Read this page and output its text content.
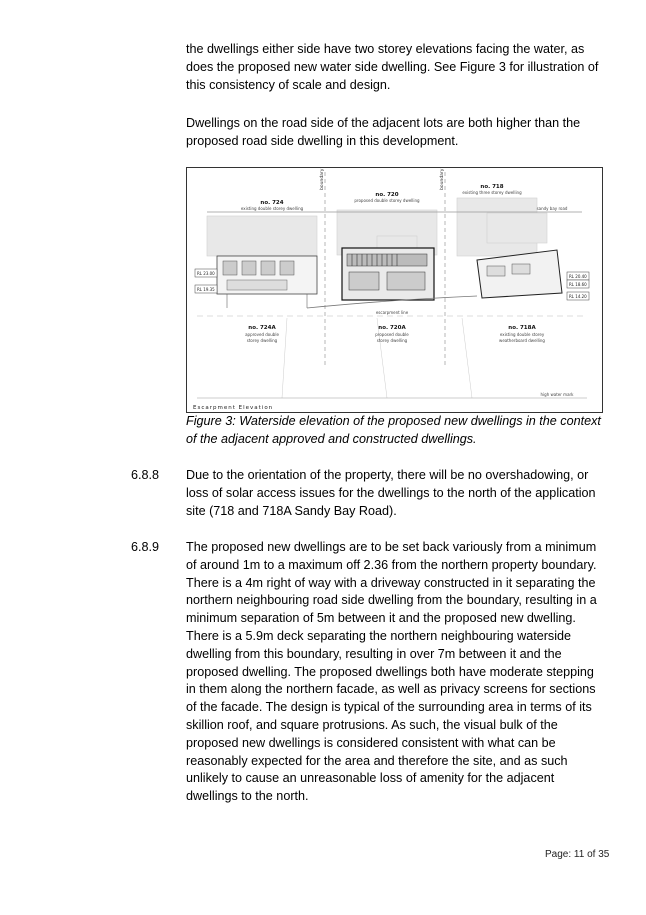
the dwellings either side have two storey elevations facing the water, as does the proposed new water side dwelling. See Figure 3 for illustration of this consistency of scale and design.
Dwellings on the road side of the adjacent lots are both higher than the proposed road side dwelling in this development.
RL 23.00
RL 19.35
RL 20.40
RL 18.60
RL 14.20
boundary	boundary
no. 724
no. 720
no. 718
existing double storey dwelling
proposed double storey dwelling
existing three storey dwelling
sandy bay road
escarpment line
no. 724A	no. 720A	no. 718A
approved double
storey dwelling
proposed double
storey dwelling
existing double storey
weatherboard dwelling
high water mark
Escarpment Elevation
Figure 3: Waterside elevation of the proposed new dwellings in the context of the adjacent approved and constructed dwellings.
6.8.8 Due to the orientation of the property, there will be no overshadowing, or loss of solar access issues for the dwellings to the north of the application site (718 and 718A Sandy Bay Road).
6.8.9 The proposed new dwellings are to be set back variously from a minimum of around 1m to a maximum off 2.36 from the northern property boundary. There is a 4m right of way with a driveway constructed in it separating the northern neighbouring road side dwelling from the boundary, resulting in a minimum separation of 5m between it and the proposed new dwelling. There is a 5.9m deck separating the northern neighbouring waterside dwelling from this boundary, resulting in over 7m between it and the proposed dwelling. The proposed dwellings both have moderate stepping in them along the northern facade, as well as privacy screens for sections of the facade. The design is typical of the surrounding area in terms of its skillion roof, and square protrusions. As such, the visual bulk of the proposed new dwellings is considered consistent with what can be reasonably expected for the area and therefore the site, and as such unlikely to cause an unreasonable loss of amenity for the adjacent dwellings to the north.
Page: 11 of 35
